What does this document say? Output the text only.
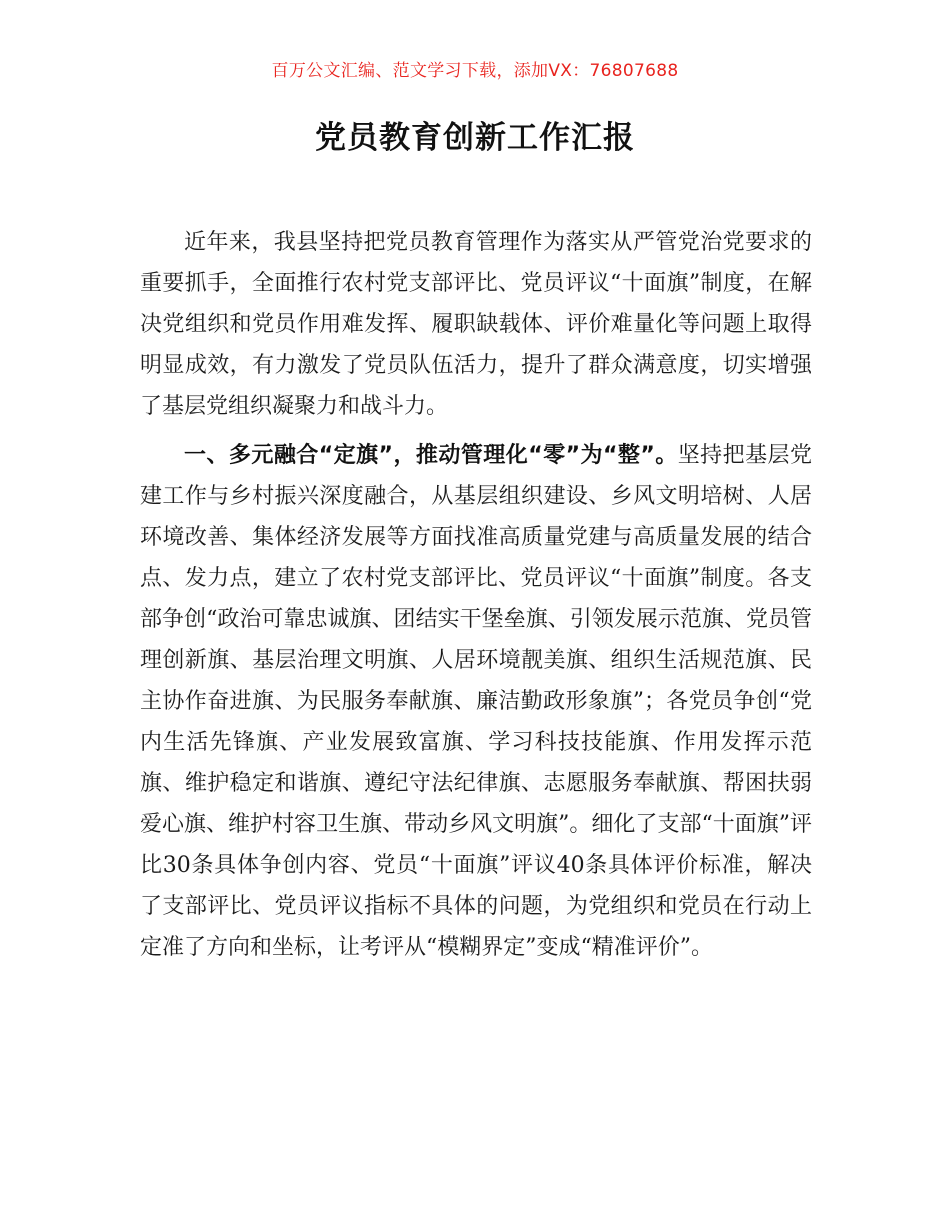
百万公文汇编、范文学习下载，添加VX：76807688
党员教育创新工作汇报

近年来，我县坚持把党员教育管理作为落实从严管党治党要求的重要抓手，全面推行农村党支部评比、党员评议“十面旗”制度，在解决党组织和党员作用难发挥、履职缺载体、评价难量化等问题上取得明显成效，有力激发了党员队伍活力，提升了群众满意度，切实增强了基层党组织凝聚力和战斗力。

一、多元融合“定旗”，推动管理化“零”为“整”。坚持把基层党建工作与乡村振兴深度融合，从基层组织建设、乡风文明培树、人居环境改善、集体经济发展等方面找准高质量党建与高质量发展的结合点、发力点，建立了农村党支部评比、党员评议“十面旗”制度。各支部争创“政治可靠忠诚旗、团结实干堡垒旗、引领发展示范旗、党员管理创新旗、基层治理文明旗、人居环境靓美旗、组织生活规范旗、民主协作奋进旗、为民服务奉献旗、廉洁勤政形象旗”；各党员争创“党内生活先锋旗、产业发展致富旗、学习科技技能旗、作用发挥示范旗、维护稳定和谐旗、遵纪守法纪律旗、志愿服务奉献旗、帮困扶弱爱心旗、维护村容卫生旗、带动乡风文明旗”。细化了支部“十面旗”评比30条具体争创内容、党员“十面旗”评议40条具体评价标准，解决了支部评比、党员评议指标不具体的问题，为党组织和党员在行动上定准了方向和坐标，让考评从“模糊界定”变成“精准评价”。
